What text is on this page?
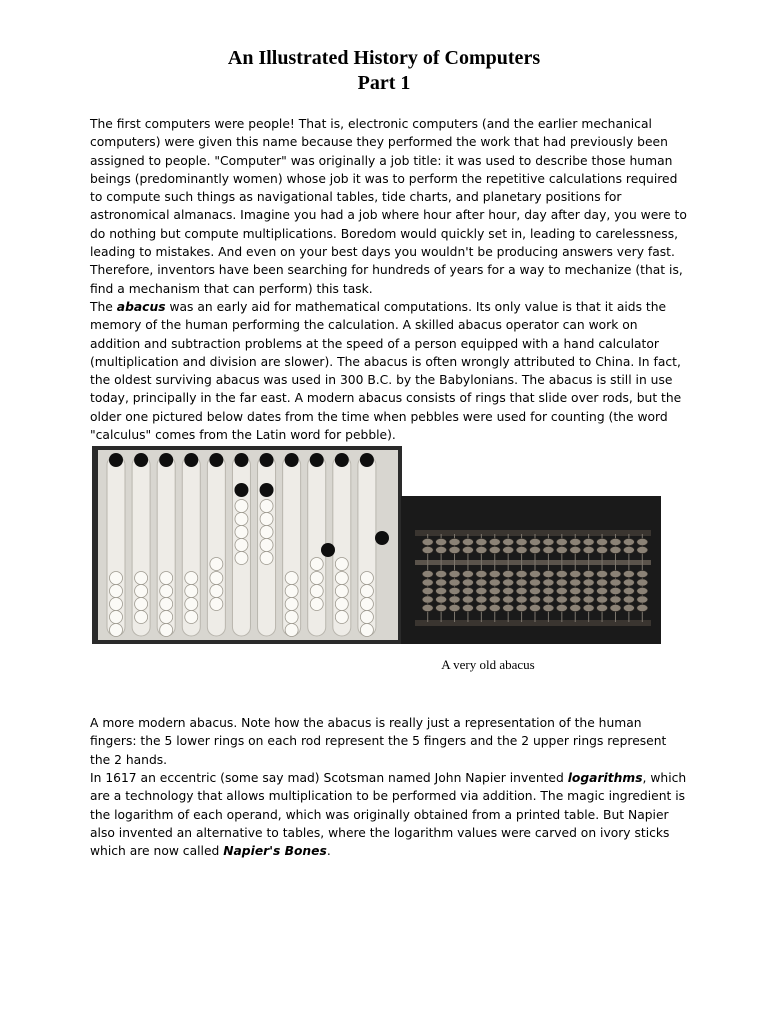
An Illustrated History of Computers
Part 1

The first computers were people! That is, electronic computers (and the earlier mechanical computers) were given this name because they performed the work that had previously been assigned to people. "Computer" was originally a job title: it was used to describe those human beings (predominantly women) whose job it was to perform the repetitive calculations required to compute such things as navigational tables, tide charts, and planetary positions for astronomical almanacs. Imagine you had a job where hour after hour, day after day, you were to do nothing but compute multiplications. Boredom would quickly set in, leading to carelessness, leading to mistakes. And even on your best days you wouldn't be producing answers very fast. Therefore, inventors have been searching for hundreds of years for a way to mechanize (that is, find a mechanism that can perform) this task.

The abacus was an early aid for mathematical computations. Its only value is that it aids the memory of the human performing the calculation. A skilled abacus operator can work on addition and subtraction problems at the speed of a person equipped with a hand calculator (multiplication and division are slower). The abacus is often wrongly attributed to China. In fact, the oldest surviving abacus was used in 300 B.C. by the Babylonians. The abacus is still in use today, principally in the far east. A modern abacus consists of rings that slide over rods, but the older one pictured below dates from the time when pebbles were used for counting (the word "calculus" comes from the Latin word for pebble).

A very old abacus

A more modern abacus. Note how the abacus is really just a representation of the human fingers: the 5 lower rings on each rod represent the 5 fingers and the 2 upper rings represent the 2 hands.

In 1617 an eccentric (some say mad) Scotsman named John Napier invented logarithms, which are a technology that allows multiplication to be performed via addition. The magic ingredient is the logarithm of each operand, which was originally obtained from a printed table. But Napier also invented an alternative to tables, where the logarithm values were carved on ivory sticks which are now called Napier's Bones.
